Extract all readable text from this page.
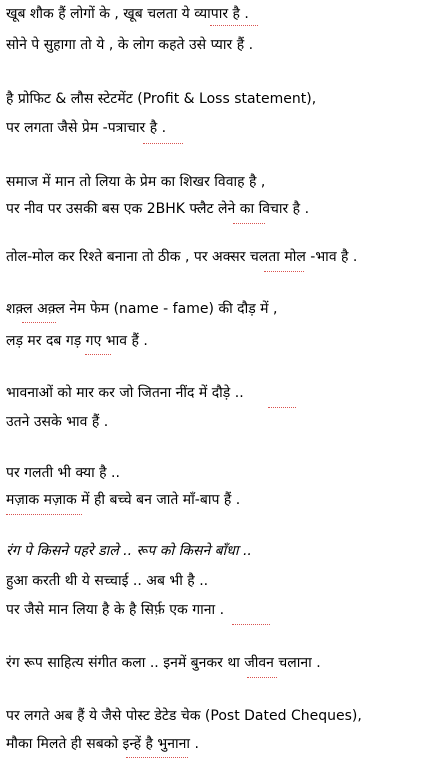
खूब शौक हैं लोगों के , खूब चलता ये व्यापार है .
सोने पे सुहागा तो ये , के लोग कहते उसे प्यार हैं .
है प्रोफिट & लौस स्टेटमेंट (Profit & Loss statement),
पर लगता जैसे प्रेम -पत्राचार है .
समाज में मान तो लिया के प्रेम का शिखर विवाह है ,
पर नीव पर उसकी बस एक 2BHK फ्लैट लेने का विचार है .
तोल-मोल कर रिश्ते बनाना तो ठीक , पर अक्सर चलता मोल -भाव है .
शक़्ल अक़्ल नेम फेम (name - fame) की दौड़ में ,
लड़ मर दब गड़ गए भाव हैं .
भावनाओं को मार कर जो जितना नींद में दौड़े ..
उतने उसके भाव हैं .
पर गलती भी क्या है ..
मज़ाक मज़ाक में ही बच्चे बन जाते माँ-बाप हैं .
रंग पे किसने पहरे डाले .. रूप को किसने बाँधा ..
हुआ करती थी ये सच्चाई .. अब भी है ..
पर जैसे मान लिया है के है सिर्फ़ एक गाना .
रंग रूप साहित्य संगीत कला .. इनमें बुनकर था जीवन चलाना .
पर लगते अब हैं ये जैसे पोस्ट डेटेड चेक (Post Dated Cheques),
मौका मिलते ही सबको इन्हें है भुनाना .
